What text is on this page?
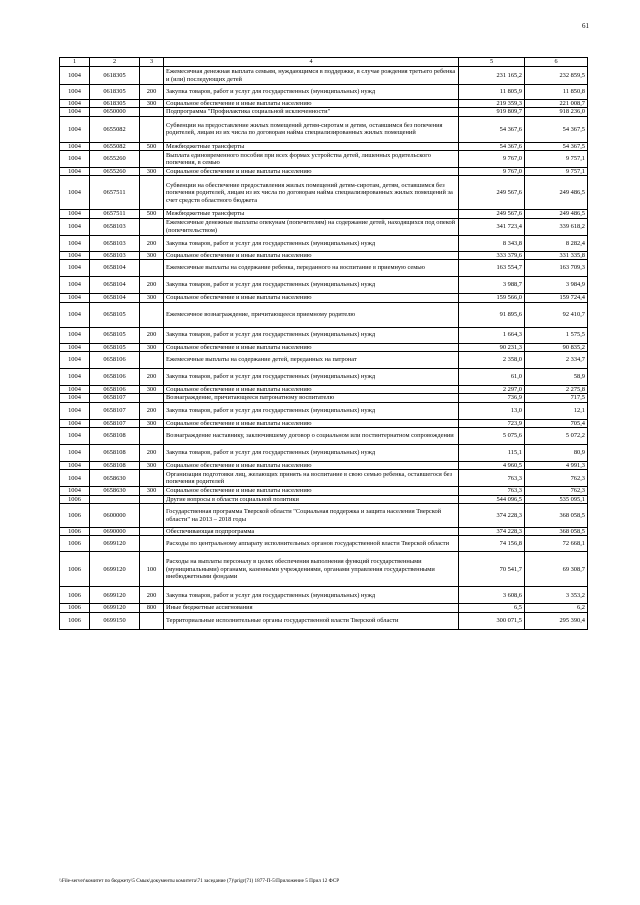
61
1	2	3	4	5	6
1004	0618305		Ежемесячная денежная выплата семьям, нуждающимся в поддержке, в случае рождения третьего ребенка и (или) последующих детей	231 165,2	232 859,5
1004	0618305	200	Закупка товаров, работ и услуг для государственных (муниципальных) нужд	11 805,9	11 850,8
1004	0618305	300	Социальное обеспечение и иные выплаты населению	219 359,3	221 008,7
1004	0650000		Подпрограмма "Профилактика социальной исключенности"	919 809,7	918 236,0
1004	0655082		Субвенции на предоставление жилых помещений детям-сиротам и детям, оставшимся без попечения родителей, лицам из их числа по договорам найма специализированных жилых помещений	54 367,6	54 367,5
1004	0655082	500	Межбюджетные трансферты	54 367,6	54 367,5
1004	0655260		Выплата единовременного пособия при всех формах устройства детей, лишенных родительского попечения, в семью	9 767,0	9 757,1
1004	0655260	300	Социальное обеспечение и иные выплаты населению	9 767,0	9 757,1
1004	0657511		Субвенции на обеспечение предоставления жилых помещений детям-сиротам, детям, оставшимся без попечения родителей, лицам из их числа по договорам найма специализированных жилых помещений за счет средств областного бюджета	249 567,6	249 486,5
1004	0657511	500	Межбюджетные трансферты	249 567,6	249 486,5
1004	0658103		Ежемесячные денежные выплаты опекунам (попечителям) на содержание детей, находящихся под опекой (попечительством)	341 723,4	339 618,2
1004	0658103	200	Закупка товаров, работ и услуг для государственных (муниципальных) нужд	8 343,8	8 282,4
1004	0658103	300	Социальное обеспечение и иные выплаты населению	333 379,6	331 335,8
1004	0658104		Ежемесячные выплаты на содержание ребенка, переданного на воспитание в приемную семью	163 554,7	163 709,3
1004	0658104	200	Закупка товаров, работ и услуг для государственных (муниципальных) нужд	3 988,7	3 984,9
1004	0658104	300	Социальное обеспечение и иные выплаты населению	159 566,0	159 724,4
1004	0658105		Ежемесячное вознаграждение, причитающееся приемному родителю	91 895,6	92 410,7
1004	0658105	200	Закупка товаров, работ и услуг для государственных (муниципальных) нужд	1 664,3	1 575,5
1004	0658105	300	Социальное обеспечение и иные выплаты населению	90 231,3	90 835,2
1004	0658106		Ежемесячные выплаты на содержание детей, переданных на патронат	2 358,0	2 334,7
1004	0658106	200	Закупка товаров, работ и услуг для государственных (муниципальных) нужд	61,0	58,9
1004	0658106	300	Социальное обеспечение и иные выплаты населению	2 297,0	2 275,8
1004	0658107		Вознаграждение, причитающееся патронатному воспитателю	736,9	717,5
1004	0658107	200	Закупка товаров, работ и услуг для государственных (муниципальных) нужд	13,0	12,1
1004	0658107	300	Социальное обеспечение и иные выплаты населению	723,9	705,4
1004	0658108		Вознаграждение наставнику, заключившему договор о социальном или постинтернатном сопровождении	5 075,6	5 072,2
1004	0658108	200	Закупка товаров, работ и услуг для государственных (муниципальных) нужд	115,1	80,9
1004	0658108	300	Социальное обеспечение и иные выплаты населению	4 960,5	4 991,3
1004	0658630		Организация подготовки лиц, желающих принять на воспитание в свою семью ребенка, оставшегося без попечения родителей	763,3	762,3
1004	0658630	300	Социальное обеспечение и иные выплаты населению	763,3	762,3
1006			Другие вопросы в области социальной политики	544 096,5	535 095,1
1006	0600000		Государственная программа Тверской области "Социальная поддержка и защита населения Тверской области" на 2013 – 2018 годы	374 228,3	368 058,5
1006	0690000		Обеспечивающая подпрограмма	374 228,3	368 058,5
1006	0699120		Расходы по центральному аппарату исполнительных органов государственной власти Тверской области	74 156,8	72 668,1
1006	0699120	100	Расходы на выплаты персоналу в целях обеспечения выполнения функций государственными (муниципальными) органами, казенными учреждениями, органами управления государственными внебюджетными фондами	70 541,7	69 308,7
1006	0699120	200	Закупка товаров, работ и услуг для государственных (муниципальных) нужд	3 608,6	3 353,2
1006	0699120	800	Иные бюджетные ассигнования	6,5	6,2
1006	0699150		Территориальные исполнительные органы государственной власти Тверской области	300 071,5	295 390,4
\\File-server\комитет по бюджету\5 Смык\документы комитета\71 заседание (7)\prigr(71) 1877-П-5\Приложение 5 Прил 12 ФСР
